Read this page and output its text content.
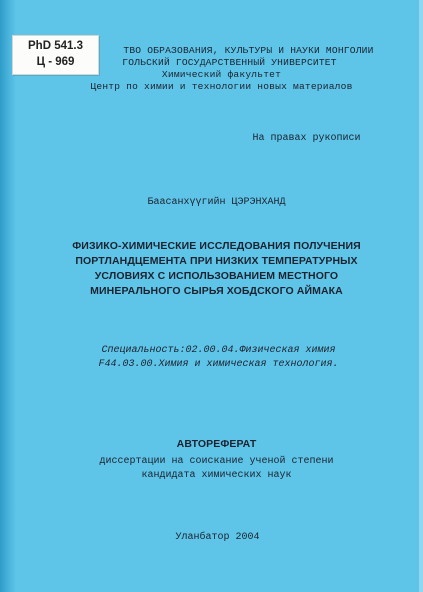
ТВО ОБРАЗОВАНИЯ, КУЛЬТУРЫ И НАУКИ МОНГОЛИИ
ГОЛЬСКИЙ ГОСУДАРСТВЕННЫЙ УНИВЕРСИТЕТ
Химический факультет
Центр по химии и технологии новых материалов
PhD 541.3
Ц - 969
На правах рукописи
Баасанхүүгийн ЦЭРЭНХАНД
ФИЗИКО-ХИМИЧЕСКИЕ ИССЛЕДОВАНИЯ ПОЛУЧЕНИЯ
ПОРТЛАНДЦЕМЕНТА ПРИ НИЗКИХ ТЕМПЕРАТУРНЫХ
УСЛОВИЯХ С ИСПОЛЬЗОВАНИЕМ МЕСТНОГО
МИНЕРАЛЬНОГО СЫРЬЯ ХОБДСКОГО АЙМАКА
Специальность:02.00.04.Физическая химия
F44.03.00.Химия и химическая технология.
АВТОРЕФЕРАТ
диссертации на соискание ученой степени
кандидата химических наук
Уланбатор 2004
